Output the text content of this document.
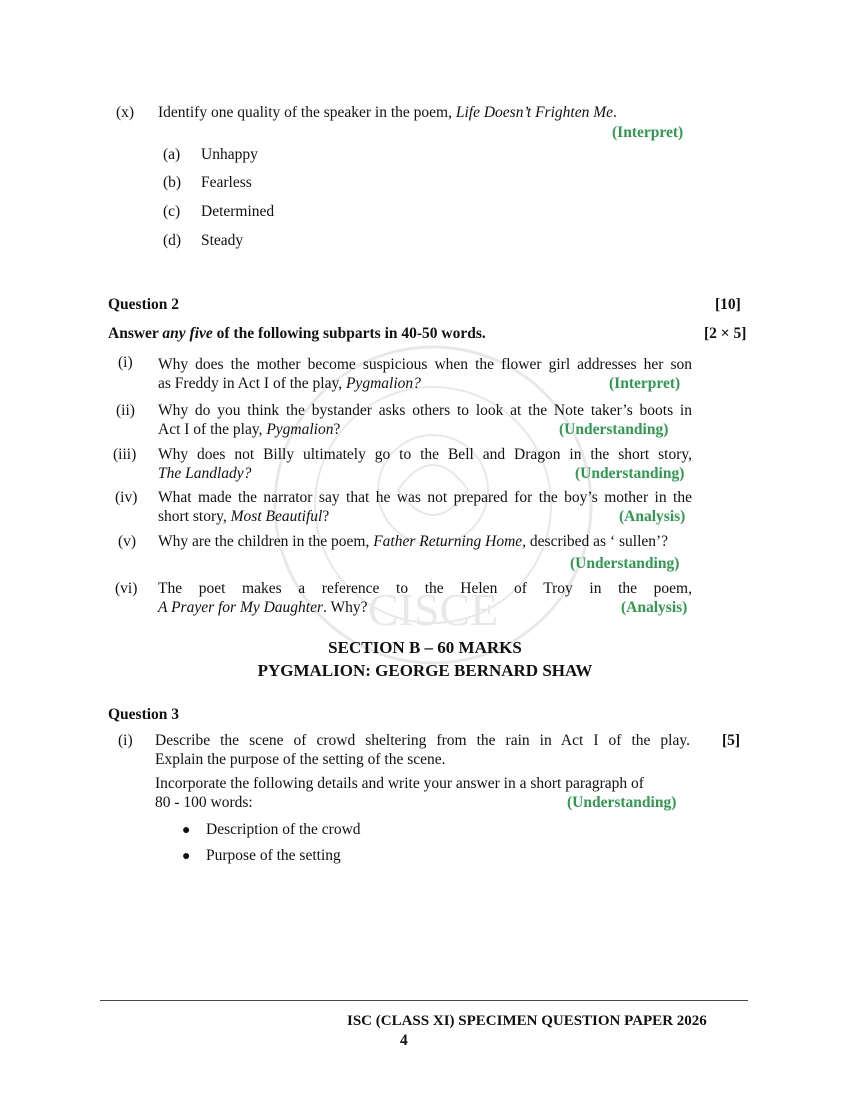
CISCE
(x) Identify one quality of the speaker in the poem, Life Doesn’t Frighten Me.
(Interpret)
(a) Unhappy
(b) Fearless
(c) Determined
(d) Steady
Question 2	[10]
Answer any five of the following subparts in 40-50 words.	[2 × 5]
(i) Why does the mother become suspicious when the flower girl addresses her son
as Freddy in Act I of the play, Pygmalion?	(Interpret)
(ii) Why do you think the bystander asks others to look at the Note taker’s boots in
Act I of the play, Pygmalion?	(Understanding)
(iii) Why does not Billy ultimately go to the Bell and Dragon in the short story,
The Landlady?	(Understanding)
(iv) What made the narrator say that he was not prepared for the boy’s mother in the
short story, Most Beautiful?	(Analysis)
(v) Why are the children in the poem, Father Returning Home, described as ‘ sullen’?
(Understanding)
(vi) The poet makes a reference to the Helen of Troy in the poem,
A Prayer for My Daughter. Why?	(Analysis)
SECTION B – 60 MARKS
PYGMALION: GEORGE BERNARD SHAW
Question 3
(i)	[5]
Describe the scene of crowd sheltering from the rain in Act I of the play.
Explain the purpose of the setting of the scene.
Incorporate the following details and write your answer in a short paragraph of
80 - 100 words:	(Understanding)
● Description of the crowd
● Purpose of the setting
ISC (CLASS XI) SPECIMEN QUESTION PAPER 2026
4
